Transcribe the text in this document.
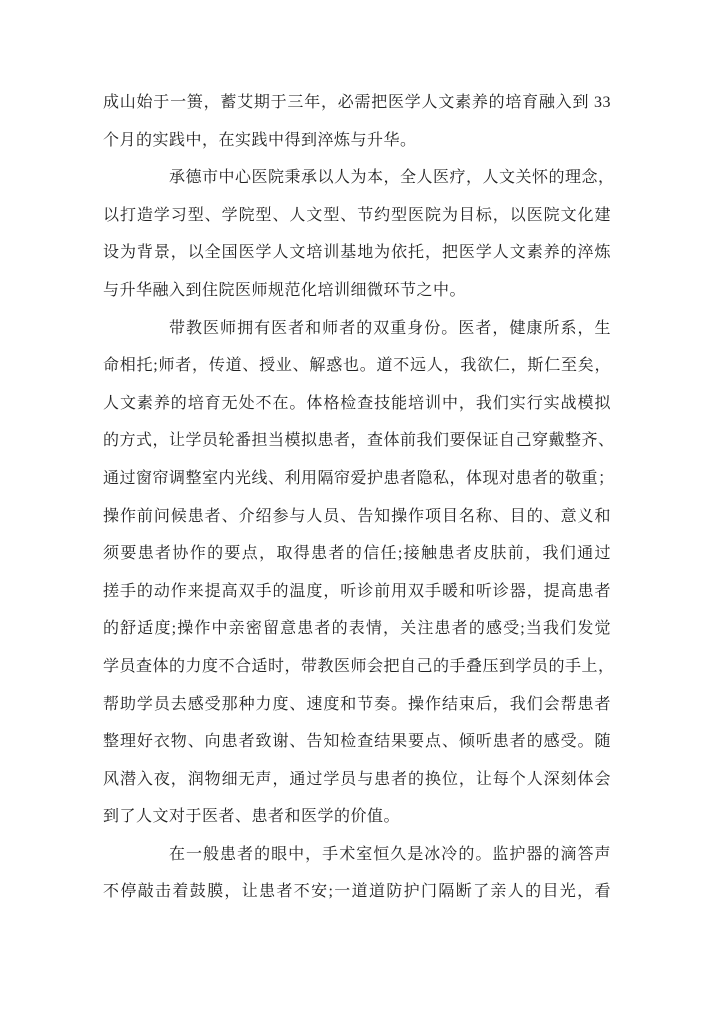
成山始于一篑，蓄艾期于三年，必需把医学人文素养的培育融入到 33
个月的实践中，在实践中得到淬炼与升华。
承德市中心医院秉承以人为本，全人医疗，人文关怀的理念，
以打造学习型、学院型、人文型、节约型医院为目标，以医院文化建
设为背景，以全国医学人文培训基地为依托，把医学人文素养的淬炼
与升华融入到住院医师规范化培训细微环节之中。
带教医师拥有医者和师者的双重身份。医者，健康所系，生
命相托;师者，传道、授业、解惑也。道不远人，我欲仁，斯仁至矣，
人文素养的培育无处不在。体格检查技能培训中，我们实行实战模拟
的方式，让学员轮番担当模拟患者，查体前我们要保证自己穿戴整齐、
通过窗帘调整室内光线、利用隔帘爱护患者隐私，体现对患者的敬重；
操作前问候患者、介绍参与人员、告知操作项目名称、目的、意义和
须要患者协作的要点，取得患者的信任;接触患者皮肤前，我们通过
搓手的动作来提高双手的温度，听诊前用双手暖和听诊器，提高患者
的舒适度;操作中亲密留意患者的表情，关注患者的感受;当我们发觉
学员查体的力度不合适时，带教医师会把自己的手叠压到学员的手上，
帮助学员去感受那种力度、速度和节奏。操作结束后，我们会帮患者
整理好衣物、向患者致谢、告知检查结果要点、倾听患者的感受。随
风潜入夜，润物细无声，通过学员与患者的换位，让每个人深刻体会
到了人文对于医者、患者和医学的价值。
在一般患者的眼中，手术室恒久是冰冷的。监护器的滴答声
不停敲击着鼓膜，让患者不安;一道道防护门隔断了亲人的目光，看
